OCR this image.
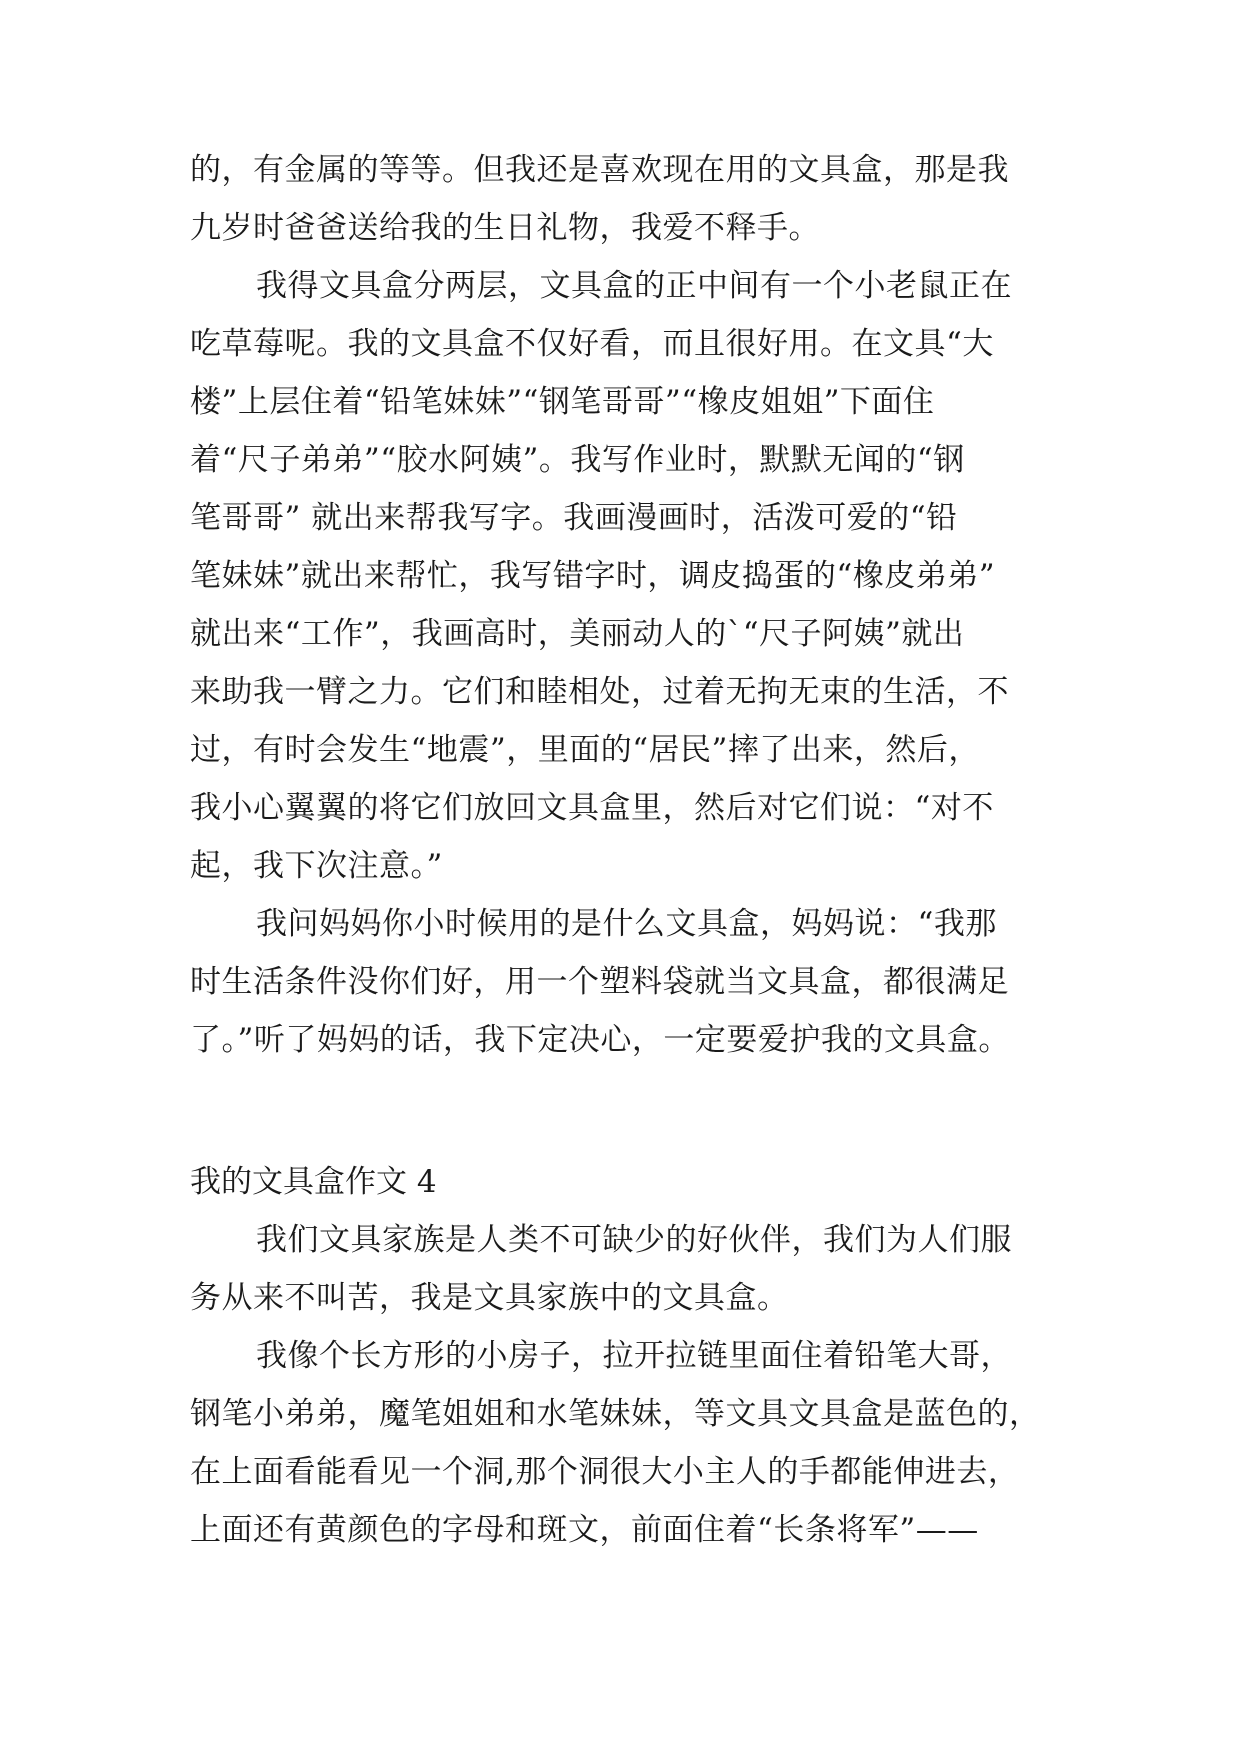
的，有金属的等等。但我还是喜欢现在用的文具盒，那是我
九岁时爸爸送给我的生日礼物，我爱不释手。
我得文具盒分两层，文具盒的正中间有一个小老鼠正在
吃草莓呢。我的文具盒不仅好看，而且很好用。在文具“大
楼”上层住着“铅笔妹妹”“钢笔哥哥”“橡皮姐姐”下面住
着“尺子弟弟”“胶水阿姨”。我写作业时，默默无闻的“钢
笔哥哥” 就出来帮我写字。我画漫画时，活泼可爱的“铅
笔妹妹”就出来帮忙，我写错字时，调皮捣蛋的“橡皮弟弟”
就出来“工作”，我画高时，美丽动人的`“尺子阿姨”就出
来助我一臂之力。它们和睦相处，过着无拘无束的生活，不
过，有时会发生“地震”，里面的“居民”摔了出来，然后，
我小心翼翼的将它们放回文具盒里，然后对它们说：“对不
起，我下次注意。”
我问妈妈你小时候用的是什么文具盒，妈妈说：“我那
时生活条件没你们好，用一个塑料袋就当文具盒，都很满足
了。”听了妈妈的话，我下定决心，一定要爱护我的文具盒。
我的文具盒作文 4
我们文具家族是人类不可缺少的好伙伴，我们为人们服
务从来不叫苦，我是文具家族中的文具盒。
我像个长方形的小房子，拉开拉链里面住着铅笔大哥，
钢笔小弟弟，魔笔姐姐和水笔妹妹，等文具文具盒是蓝色的，
在上面看能看见一个洞,那个洞很大小主人的手都能伸进去，
上面还有黄颜色的字母和斑文，前面住着“长条将军”——
